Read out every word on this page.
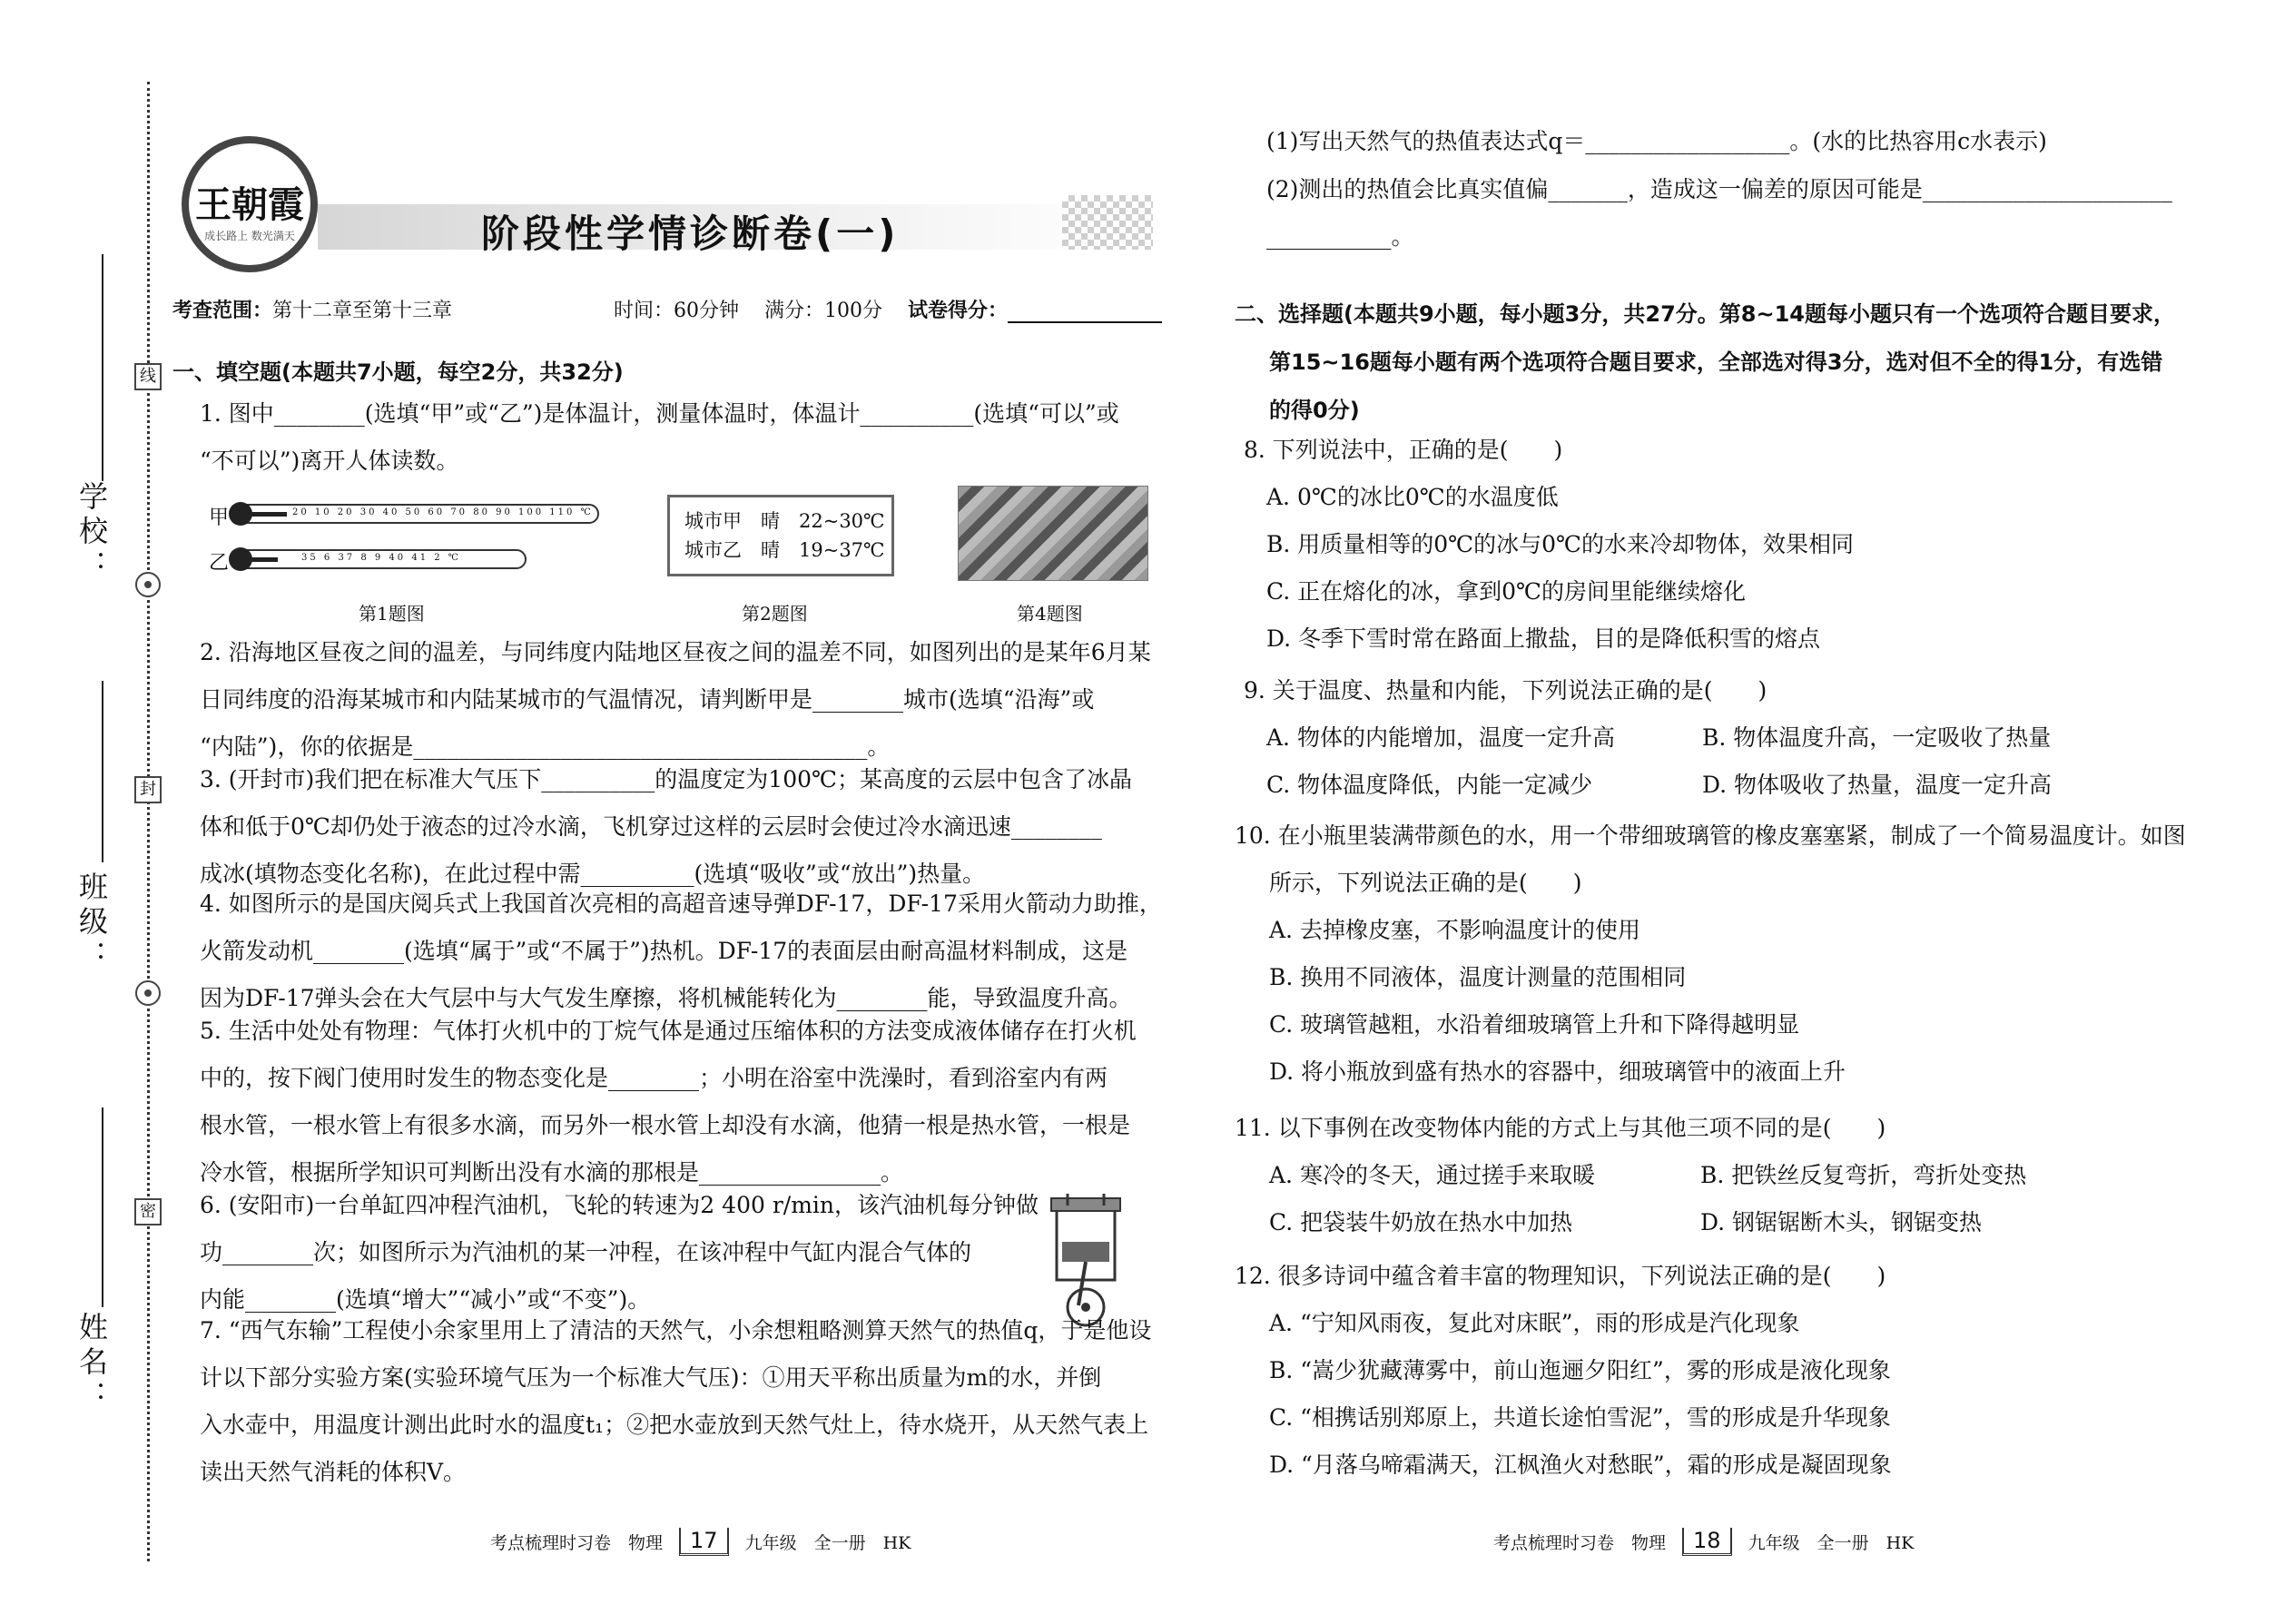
线
封
密
学校：
班级：
姓名：
王朝霞
成长路上 数光满天	阶段性学情诊断卷(一)
考查范围：第十二章至第十三章	时间：60分钟 满分：100分 试卷得分：
一、填空题(本题共7小题，每空2分，共32分)

1. 图中________(选填“甲”或“乙”)是体温计，测量体温时，体温计__________(选填“可以”或

“不可以”)离开人体读数。

甲	20 10 20 30 40 50 60 70 80 90 100 110 ℃
乙	35 6 37 8 9 40 41 2 ℃
城市甲　晴　22~30℃
城市乙　晴　19~37℃
第1题图	第2题图	第4题图

2. 沿海地区昼夜之间的温差，与同纬度内陆地区昼夜之间的温差不同，如图列出的是某年6月某

日同纬度的沿海某城市和内陆某城市的气温情况，请判断甲是________城市(选填“沿海”或

“内陆”)，你的依据是________________________________________。

3. (开封市)我们把在标准大气压下__________的温度定为100℃；某高度的云层中包含了冰晶

体和低于0℃却仍处于液态的过冷水滴，飞机穿过这样的云层时会使过冷水滴迅速________

成冰(填物态变化名称)，在此过程中需__________(选填“吸收”或“放出”)热量。

4. 如图所示的是国庆阅兵式上我国首次亮相的高超音速导弹DF-17，DF-17采用火箭动力助推，

火箭发动机________(选填“属于”或“不属于”)热机。DF-17的表面层由耐高温材料制成，这是

因为DF-17弹头会在大气层中与大气发生摩擦，将机械能转化为________能，导致温度升高。

5. 生活中处处有物理：气体打火机中的丁烷气体是通过压缩体积的方法变成液体储存在打火机

中的，按下阀门使用时发生的物态变化是________；小明在浴室中洗澡时，看到浴室内有两

根水管，一根水管上有很多水滴，而另外一根水管上却没有水滴，他猜一根是热水管，一根是

冷水管，根据所学知识可判断出没有水滴的那根是________________。

6. (安阳市)一台单缸四冲程汽油机，飞轮的转速为2 400 r/min，该汽油机每分钟做

功________次；如图所示为汽油机的某一冲程，在该冲程中气缸内混合气体的

内能________(选填“增大”“减小”或“不变”)。

7. “西气东输”工程使小余家里用上了清洁的天然气，小余想粗略测算天然气的热值q，于是他设

计以下部分实验方案(实验环境气压为一个标准大气压)：①用天平称出质量为m的水，并倒

入水壶中，用温度计测出此时水的温度t₁；②把水壶放到天然气灶上，待水烧开，从天然气表上

读出天然气消耗的体积V。

考点梳理时习卷　物理	17	九年级　全一册　HK

(1)写出天然气的热值表达式q＝__________________。(水的比热容用c水表示)

(2)测出的热值会比真实值偏_______，造成这一偏差的原因可能是______________________

___________。

二、选择题(本题共9小题，每小题3分，共27分。第8~14题每小题只有一个选项符合题目要求，

第15~16题每小题有两个选项符合题目要求，全部选对得3分，选对但不全的得1分，有选错

的得0分)

8. 下列说法中，正确的是(　　)

A. 0℃的冰比0℃的水温度低

B. 用质量相等的0℃的冰与0℃的水来冷却物体，效果相同

C. 正在熔化的冰，拿到0℃的房间里能继续熔化

D. 冬季下雪时常在路面上撒盐，目的是降低积雪的熔点

9. 关于温度、热量和内能，下列说法正确的是(　　)

A. 物体的内能增加，温度一定升高	B. 物体温度升高，一定吸收了热量

C. 物体温度降低，内能一定减少	D. 物体吸收了热量，温度一定升高

10. 在小瓶里装满带颜色的水，用一个带细玻璃管的橡皮塞塞紧，制成了一个简易温度计。如图

所示，下列说法正确的是(　　)

A. 去掉橡皮塞，不影响温度计的使用

B. 换用不同液体，温度计测量的范围相同

C. 玻璃管越粗，水沿着细玻璃管上升和下降得越明显

D. 将小瓶放到盛有热水的容器中，细玻璃管中的液面上升

11. 以下事例在改变物体内能的方式上与其他三项不同的是(　　)

A. 寒冷的冬天，通过搓手来取暖	B. 把铁丝反复弯折，弯折处变热

C. 把袋装牛奶放在热水中加热	D. 钢锯锯断木头，钢锯变热

12. 很多诗词中蕴含着丰富的物理知识，下列说法正确的是(　　)

A. “宁知风雨夜，复此对床眠”，雨的形成是汽化现象

B. “嵩少犹藏薄雾中，前山迤逦夕阳红”，雾的形成是液化现象

C. “相携话别郑原上，共道长途怕雪泥”，雪的形成是升华现象

D. “月落乌啼霜满天，江枫渔火对愁眠”，霜的形成是凝固现象

考点梳理时习卷　物理	18	九年级　全一册　HK
